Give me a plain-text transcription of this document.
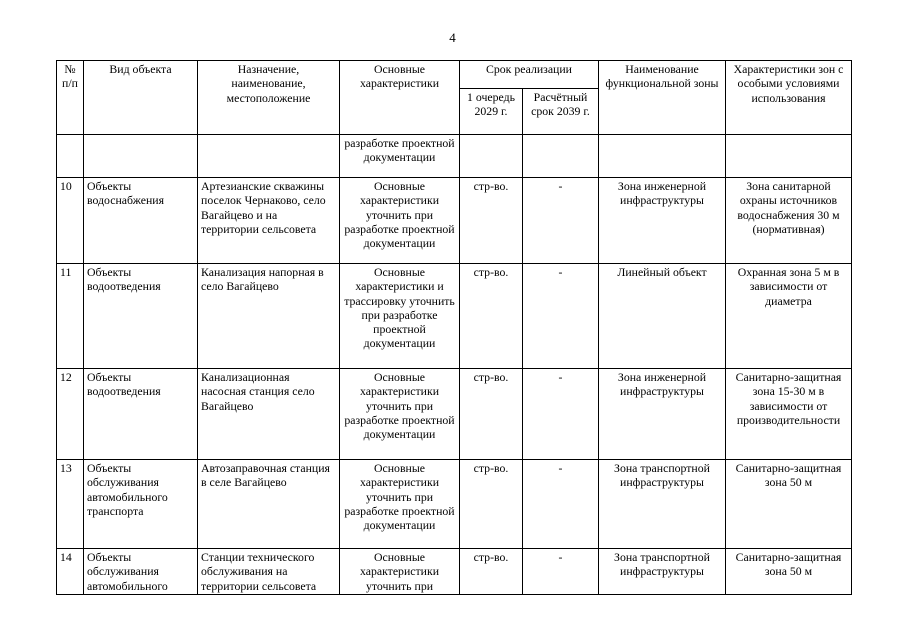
4
№ п/п	Вид объекта	Назначение, наименование, местоположение	Основные характеристики	Срок реализации		Наименование функциональной зоны	Характеристики зон с особыми условиями использования
				1 очередь 2029 г.	Расчётный срок 2039 г.		
			разработке проектной документации				
10	Объекты водоснабжения	Артезианские скважины поселок Чернаково, село Вагайцево и на территории сельсовета	Основные характеристики уточнить при разработке проектной документации	стр-во.	-	Зона инженерной инфраструктуры	Зона санитарной охраны источников водоснабжения 30 м (нормативная)
11	Объекты водоотведения	Канализация напорная в село Вагайцево	Основные характеристики и трассировку уточнить при разработке проектной документации	стр-во.	-	Линейный объект	Охранная зона 5 м в зависимости от диаметра
12	Объекты водоотведения	Канализационная насосная станция село Вагайцево	Основные характеристики уточнить при разработке проектной документации	стр-во.	-	Зона инженерной инфраструктуры	Санитарно-защитная зона 15-30 м в зависимости от производительности
13	Объекты обслуживания автомобильного транспорта	Автозаправочная станция в селе Вагайцево	Основные характеристики уточнить при разработке проектной документации	стр-во.	-	Зона транспортной инфраструктуры	Санитарно-защитная зона 50 м
14	Объекты обслуживания автомобильного	Станции технического обслуживания на территории сельсовета	Основные характеристики уточнить при	стр-во.	-	Зона транспортной инфраструктуры	Санитарно-защитная зона 50 м
